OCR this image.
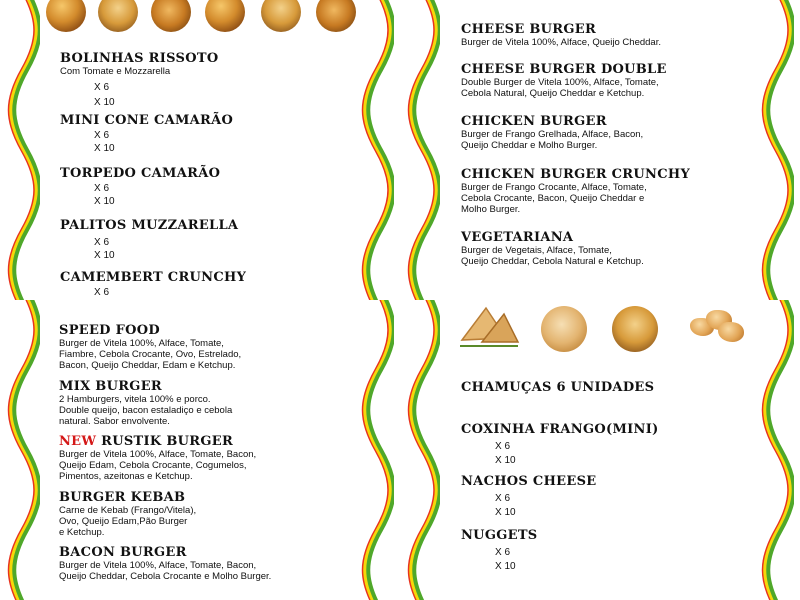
BOLINHAS RISSOTO
Com Tomate e Mozzarella
X 6
X 10
MINI CONE CAMARÃO
X 6
X 10
TORPEDO CAMARÃO
X 6
X 10
PALITOS MUZZARELLA
X 6
X 10
CAMEMBERT CRUNCHY
X 6
CHEESE BURGER
Burger de Vitela 100%, Alface, Queijo Cheddar.
CHEESE BURGER DOUBLE
Double Burger de Vitela 100%, Alface, Tomate,
Cebola Natural, Queijo Cheddar e Ketchup.
CHICKEN BURGER
Burger de Frango Grelhada, Alface, Bacon,
Queijo Cheddar e Molho Burger.
CHICKEN BURGER CRUNCHY
Burger de Frango Crocante, Alface, Tomate,
Cebola Crocante, Bacon, Queijo Cheddar e
Molho Burger.
VEGETARIANA
Burger de Vegetais, Alface, Tomate,
Queijo Cheddar, Cebola Natural e Ketchup.
SPEED FOOD
Burger de Vitela 100%, Alface, Tomate,
Fiambre, Cebola Crocante, Ovo, Estrelado,
Bacon, Queijo Cheddar, Edam e Ketchup.
MIX BURGER
2 Hamburgers, vitela 100% e porco.
Double queijo, bacon estaladiço e cebola
natural. Sabor envolvente.
NEW RUSTIK BURGER
Burger de Vitela 100%, Alface, Tomate, Bacon,
Queijo Edam, Cebola Crocante, Cogumelos,
Pimentos, azeitonas e Ketchup.
BURGER KEBAB
Carne de Kebab (Frango/Vitela),
Ovo, Queijo Edam,Pão Burger
e Ketchup.
BACON BURGER
Burger de Vitela 100%, Alface, Tomate, Bacon,
Queijo Cheddar, Cebola Crocante e Molho Burger.
CHAMUÇAS 6 UNIDADES
COXINHA FRANGO(MINI)
X 6
X 10
NACHOS CHEESE
X 6
X 10
NUGGETS
X 6
X 10
